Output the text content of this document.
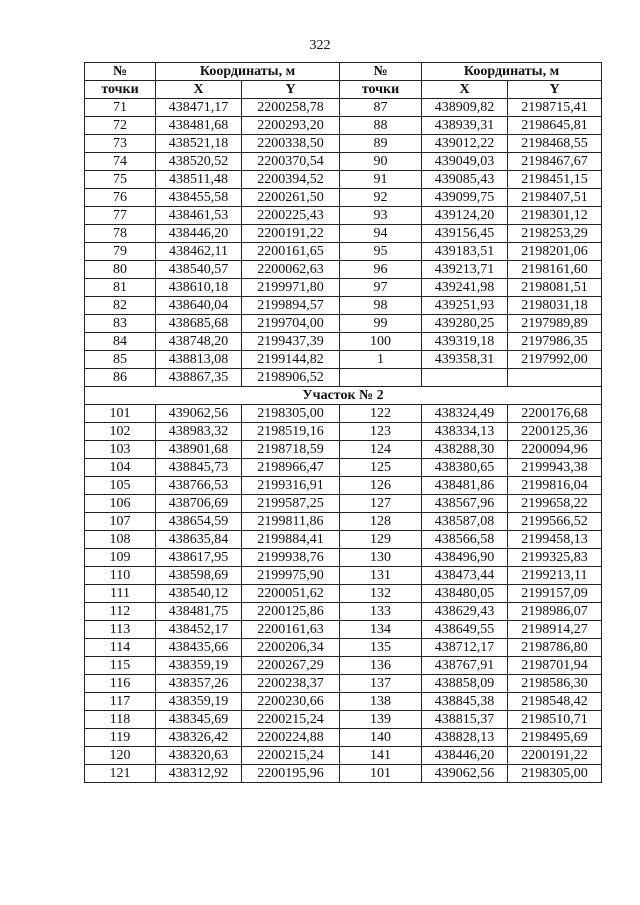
322
№	Координаты, м		№	Координаты, м	
точки	X	Y	точки	X	Y
71	438471,17	2200258,78	87	438909,82	2198715,41
72	438481,68	2200293,20	88	438939,31	2198645,81
73	438521,18	2200338,50	89	439012,22	2198468,55
74	438520,52	2200370,54	90	439049,03	2198467,67
75	438511,48	2200394,52	91	439085,43	2198451,15
76	438455,58	2200261,50	92	439099,75	2198407,51
77	438461,53	2200225,43	93	439124,20	2198301,12
78	438446,20	2200191,22	94	439156,45	2198253,29
79	438462,11	2200161,65	95	439183,51	2198201,06
80	438540,57	2200062,63	96	439213,71	2198161,60
81	438610,18	2199971,80	97	439241,98	2198081,51
82	438640,04	2199894,57	98	439251,93	2198031,18
83	438685,68	2199704,00	99	439280,25	2197989,89
84	438748,20	2199437,39	100	439319,18	2197986,35
85	438813,08	2199144,82	1	439358,31	2197992,00
86	438867,35	2198906,52			
Участок № 2					
101	439062,56	2198305,00	122	438324,49	2200176,68
102	438983,32	2198519,16	123	438334,13	2200125,36
103	438901,68	2198718,59	124	438288,30	2200094,96
104	438845,73	2198966,47	125	438380,65	2199943,38
105	438766,53	2199316,91	126	438481,86	2199816,04
106	438706,69	2199587,25	127	438567,96	2199658,22
107	438654,59	2199811,86	128	438587,08	2199566,52
108	438635,84	2199884,41	129	438566,58	2199458,13
109	438617,95	2199938,76	130	438496,90	2199325,83
110	438598,69	2199975,90	131	438473,44	2199213,11
111	438540,12	2200051,62	132	438480,05	2199157,09
112	438481,75	2200125,86	133	438629,43	2198986,07
113	438452,17	2200161,63	134	438649,55	2198914,27
114	438435,66	2200206,34	135	438712,17	2198786,80
115	438359,19	2200267,29	136	438767,91	2198701,94
116	438357,26	2200238,37	137	438858,09	2198586,30
117	438359,19	2200230,66	138	438845,38	2198548,42
118	438345,69	2200215,24	139	438815,37	2198510,71
119	438326,42	2200224,88	140	438828,13	2198495,69
120	438320,63	2200215,24	141	438446,20	2200191,22
121	438312,92	2200195,96	101	439062,56	2198305,00
